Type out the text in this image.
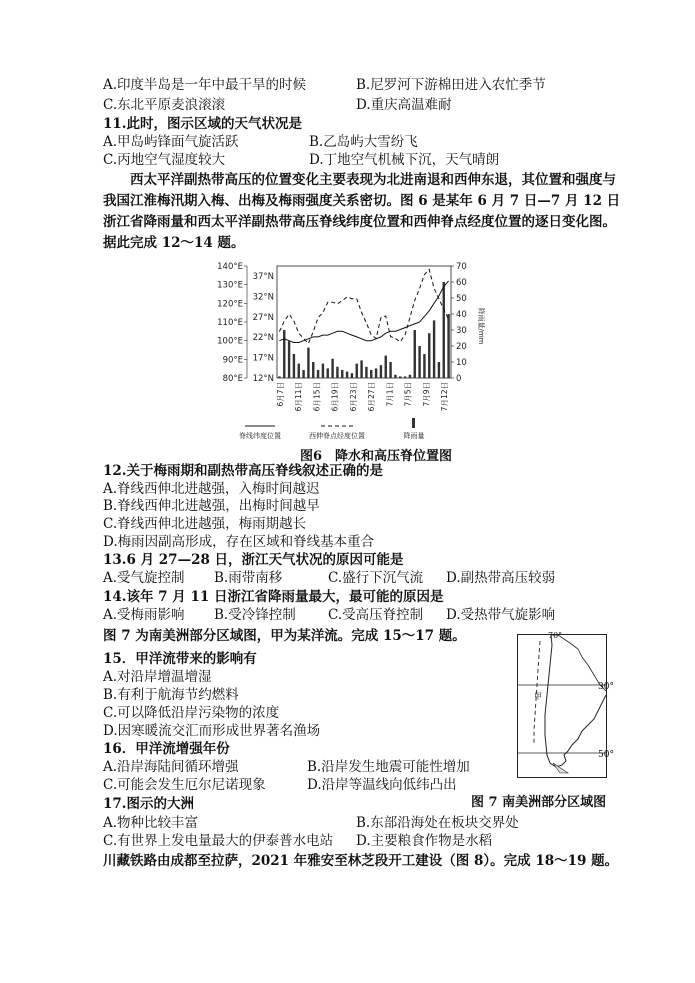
A.印度半岛是一年中最干旱的时候	B.尼罗河下游棉田进入农忙季节
C.东北平原麦浪滚滚	D.重庆高温难耐
11.此时，图示区域的天气状况是
A.甲岛屿锋面气旋活跃	B.乙岛屿大雪纷飞
C.丙地空气湿度较大	D.丁地空气机械下沉，天气晴朗
西太平洋副热带高压的位置变化主要表现为北进南退和西伸东退，其位置和强度与我国江淮梅汛期入梅、出梅及梅雨强度关系密切。图 6 是某年 6 月 7 日—7 月 12 日浙江省降雨量和西太平洋副热带高压脊线纬度位置和西伸脊点经度位置的逐日变化图。据此完成 12～14 题。
140°E
130°E
120°E
110°E
100°E
90°E
80°E
37°N
32°N
27°N
22°N
17°N
12°N
70
60
50
40
30
20
10
0
降雨量/mm
6月7日 6月11日 6月15日 6月19日 6月23日 6月27日 7月1日 7月5日 7月9日 7月12日
脊线纬度位置	西伸脊点经度位置	降雨量
图6　降水和高压脊位置图
12.关于梅雨期和副热带高压脊线叙述正确的是
A.脊线西伸北进越强，入梅时间越迟
B.脊线西伸北进越强，出梅时间越早
C.脊线西伸北进越强，梅雨期越长
D.梅雨因副高形成，存在区域和脊线基本重合
13.6 月 27—28 日，浙江天气状况的原因可能是
A.受气旋控制 B.雨带南移	C.盛行下沉气流 D.副热带高压较弱
14.该年 7 月 11 日浙江省降雨量最大，最可能的原因是
A.受梅雨影响 B.受冷锋控制 C.受高压脊控制 D.受热带气旋影响
图 7 为南美洲部分区域图，甲为某洋流。完成 15～17 题。	70°
30°
50°
甲
图 7 南美洲部分区域图
15．甲洋流带来的影响有
A.对沿岸增温增湿
B.有利于航海节约燃料
C.可以降低沿岸污染物的浓度
D.因寒暖流交汇而形成世界著名渔场
16．甲洋流增强年份
A.沿岸海陆间循环增强	B.沿岸发生地震可能性增加
C.可能会发生厄尔尼诺现象	D.沿岸等温线向低纬凸出
17.图示的大洲
A.物种比较丰富	B.东部沿海处在板块交界处
C.有世界上发电量最大的伊泰普水电站 D.主要粮食作物是水稻
川藏铁路由成都至拉萨，2021 年雅安至林芝段开工建设（图 8）。完成 18～19 题。
